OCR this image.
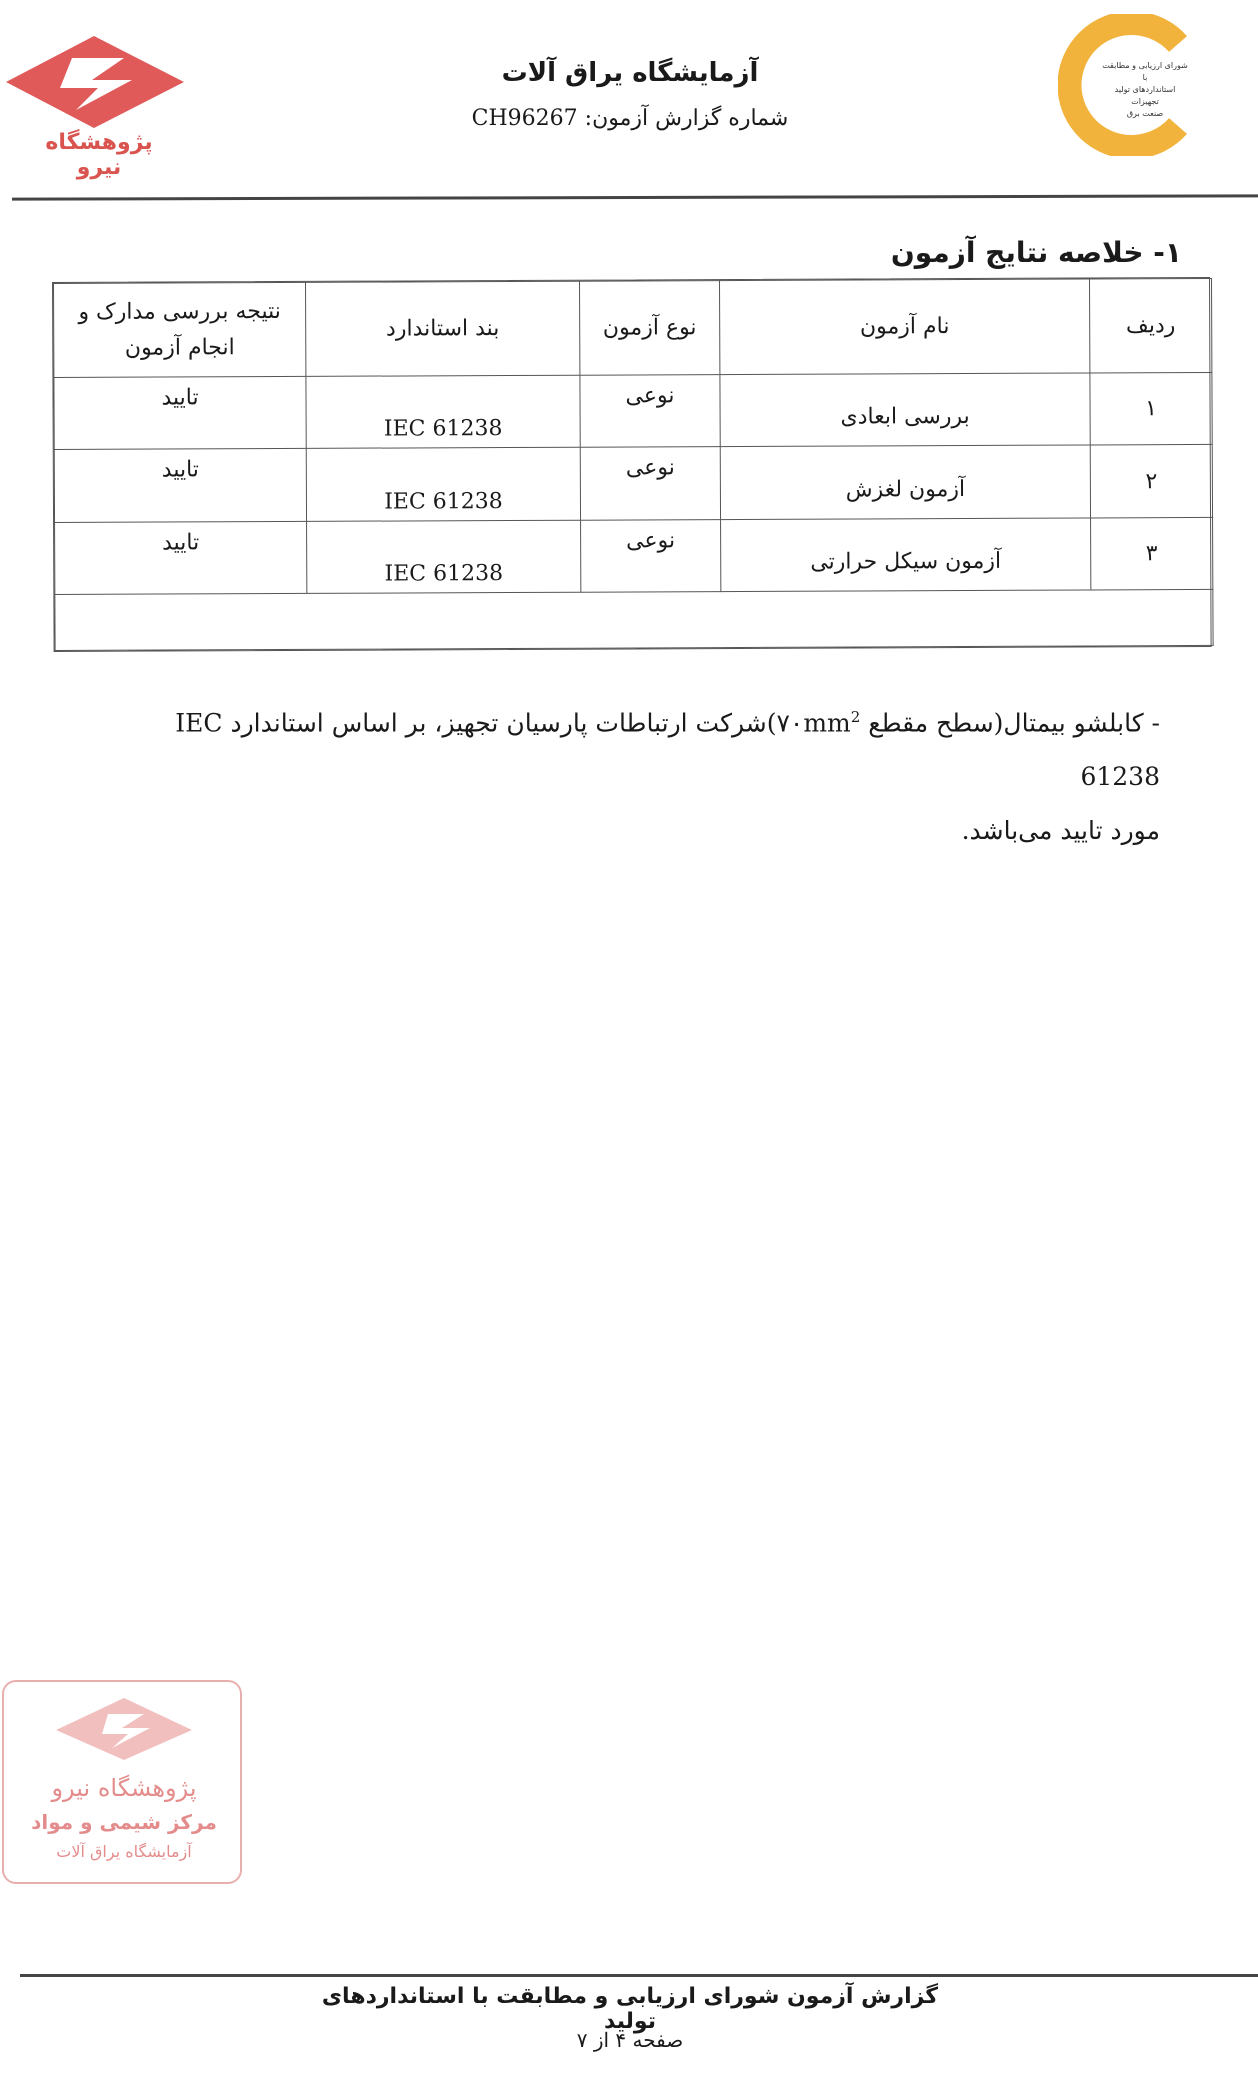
پژوهشگاه نیرو
آزمایشگاه یراق آلات
شماره گزارش آزمون: CH96267
شورای ارزیابی و مطابقت با
استانداردهای تولید تجهیزات
صنعت برق
۱- خلاصه نتایج آزمون
ردیف	نام آزمون	نوع آزمون	بند استاندارد	نتیجه بررسی مدارک و
انجام آزمون

۱	بررسی ابعادی	نوعی	IEC 61238	تایید
۲	آزمون لغزش	نوعی	IEC 61238	تایید
۳	آزمون سیکل حرارتی	نوعی	IEC 61238	تایید

- کابلشو بیمتال(سطح مقطع $۷۰mm^2)شرکت$ ارتباطات پارسیان تجهیز، بر اساس استاندارد IEC 61238
مورد تایید می‌باشد.
پژوهشگاه نیرو
مرکز شیمی و مواد
آزمایشگاه یراق آلات
گزارش آزمون شورای ارزیابی و مطابقت با استانداردهای تولید
صفحه ۴ از ۷
